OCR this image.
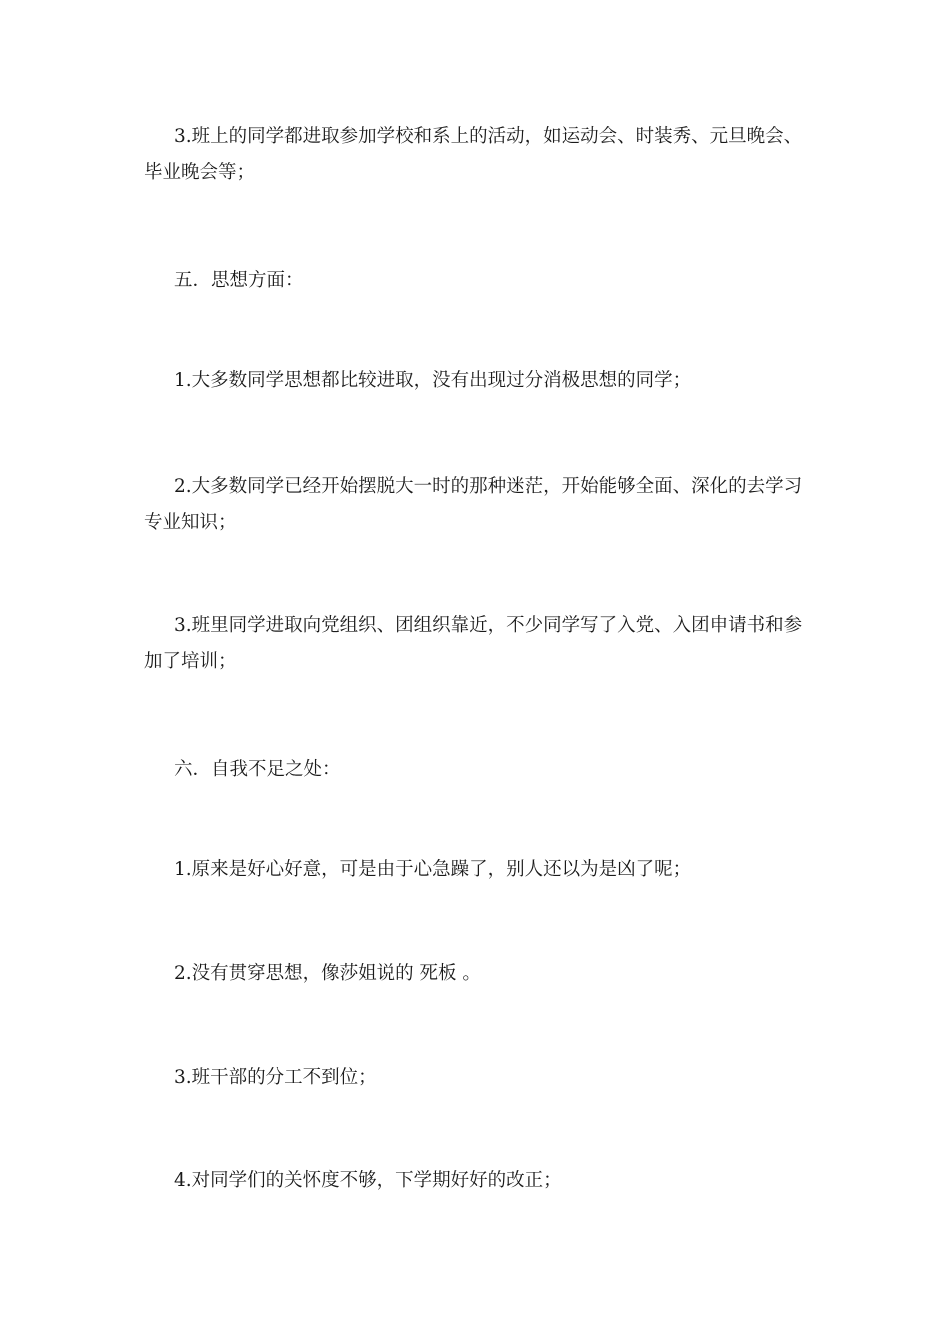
3.班上的同学都进取参加学校和系上的活动，如运动会、时装秀、元旦晚会、毕业晚会等；

五．思想方面：

1.大多数同学思想都比较进取，没有出现过分消极思想的同学；

2.大多数同学已经开始摆脱大一时的那种迷茫，开始能够全面、深化的去学习专业知识；

3.班里同学进取向党组织、团组织靠近，不少同学写了入党、入团申请书和参加了培训；

六．自我不足之处：

1.原来是好心好意，可是由于心急躁了，别人还以为是凶了呢；

2.没有贯穿思想，像莎姐说的 死板 。

3.班干部的分工不到位；

4.对同学们的关怀度不够，下学期好好的改正；
